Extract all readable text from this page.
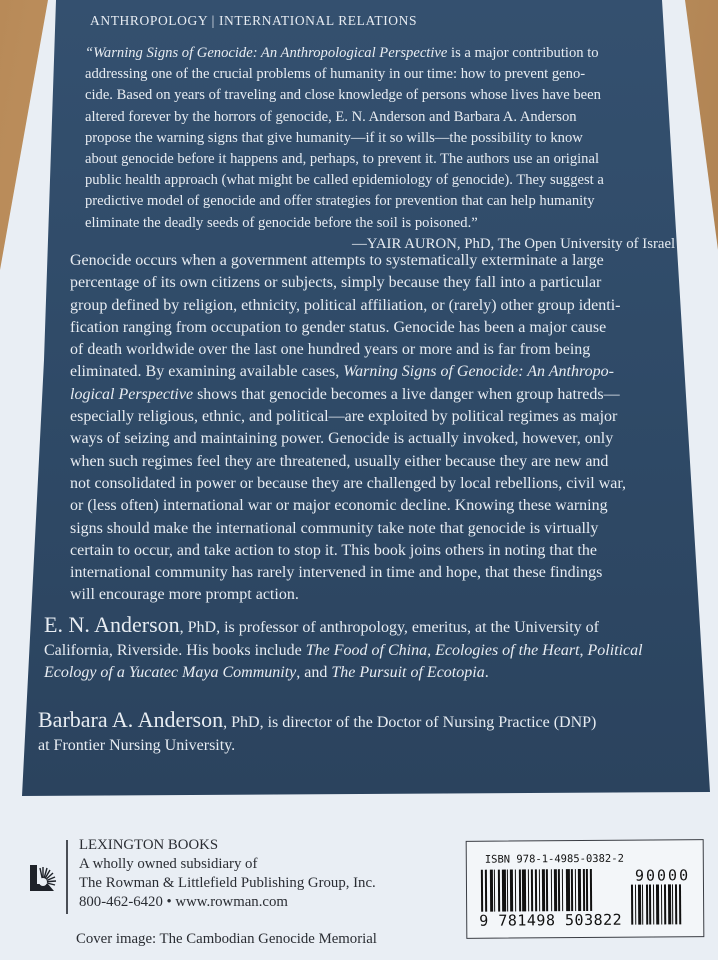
ANTHROPOLOGY | INTERNATIONAL RELATIONS
“Warning Signs of Genocide: An Anthropological Perspective is a major contribution to
addressing one of the crucial problems of humanity in our time: how to prevent geno-
cide. Based on years of traveling and close knowledge of persons whose lives have been
altered forever by the horrors of genocide, E. N. Anderson and Barbara A. Anderson
propose the warning signs that give humanity—if it so wills—the possibility to know
about genocide before it happens and, perhaps, to prevent it. The authors use an original
public health approach (what might be called epidemiology of genocide). They suggest a
predictive model of genocide and offer strategies for prevention that can help humanity
eliminate the deadly seeds of genocide before the soil is poisoned.”
—YAIR AURON, PhD, The Open University of Israel
Genocide occurs when a government attempts to systematically exterminate a large
percentage of its own citizens or subjects, simply because they fall into a particular
group defined by religion, ethnicity, political affiliation, or (rarely) other group identi-
fication ranging from occupation to gender status. Genocide has been a major cause
of death worldwide over the last one hundred years or more and is far from being
eliminated. By examining available cases, Warning Signs of Genocide: An Anthropo-
logical Perspective shows that genocide becomes a live danger when group hatreds—
especially religious, ethnic, and political—are exploited by political regimes as major
ways of seizing and maintaining power. Genocide is actually invoked, however, only
when such regimes feel they are threatened, usually either because they are new and
not consolidated in power or because they are challenged by local rebellions, civil war,
or (less often) international war or major economic decline. Knowing these warning
signs should make the international community take note that genocide is virtually
certain to occur, and take action to stop it. This book joins others in noting that the
international community has rarely intervened in time and hope, that these findings
will encourage more prompt action.
E. N. Anderson, PhD, is professor of anthropology, emeritus, at the University of
California, Riverside. His books include The Food of China, Ecologies of the Heart, Political
Ecology of a Yucatec Maya Community, and The Pursuit of Ecotopia.
Barbara A. Anderson, PhD, is director of the Doctor of Nursing Practice (DNP)
at Frontier Nursing University.
LEXINGTON BOOKS
A wholly owned subsidiary of
The Rowman & Littlefield Publishing Group, Inc.
800-462-6420 • www.rowman.com
Cover image: The Cambodian Genocide Memorial
ISBN 978-1-4985-0382-2
9 781498 503822
90000
